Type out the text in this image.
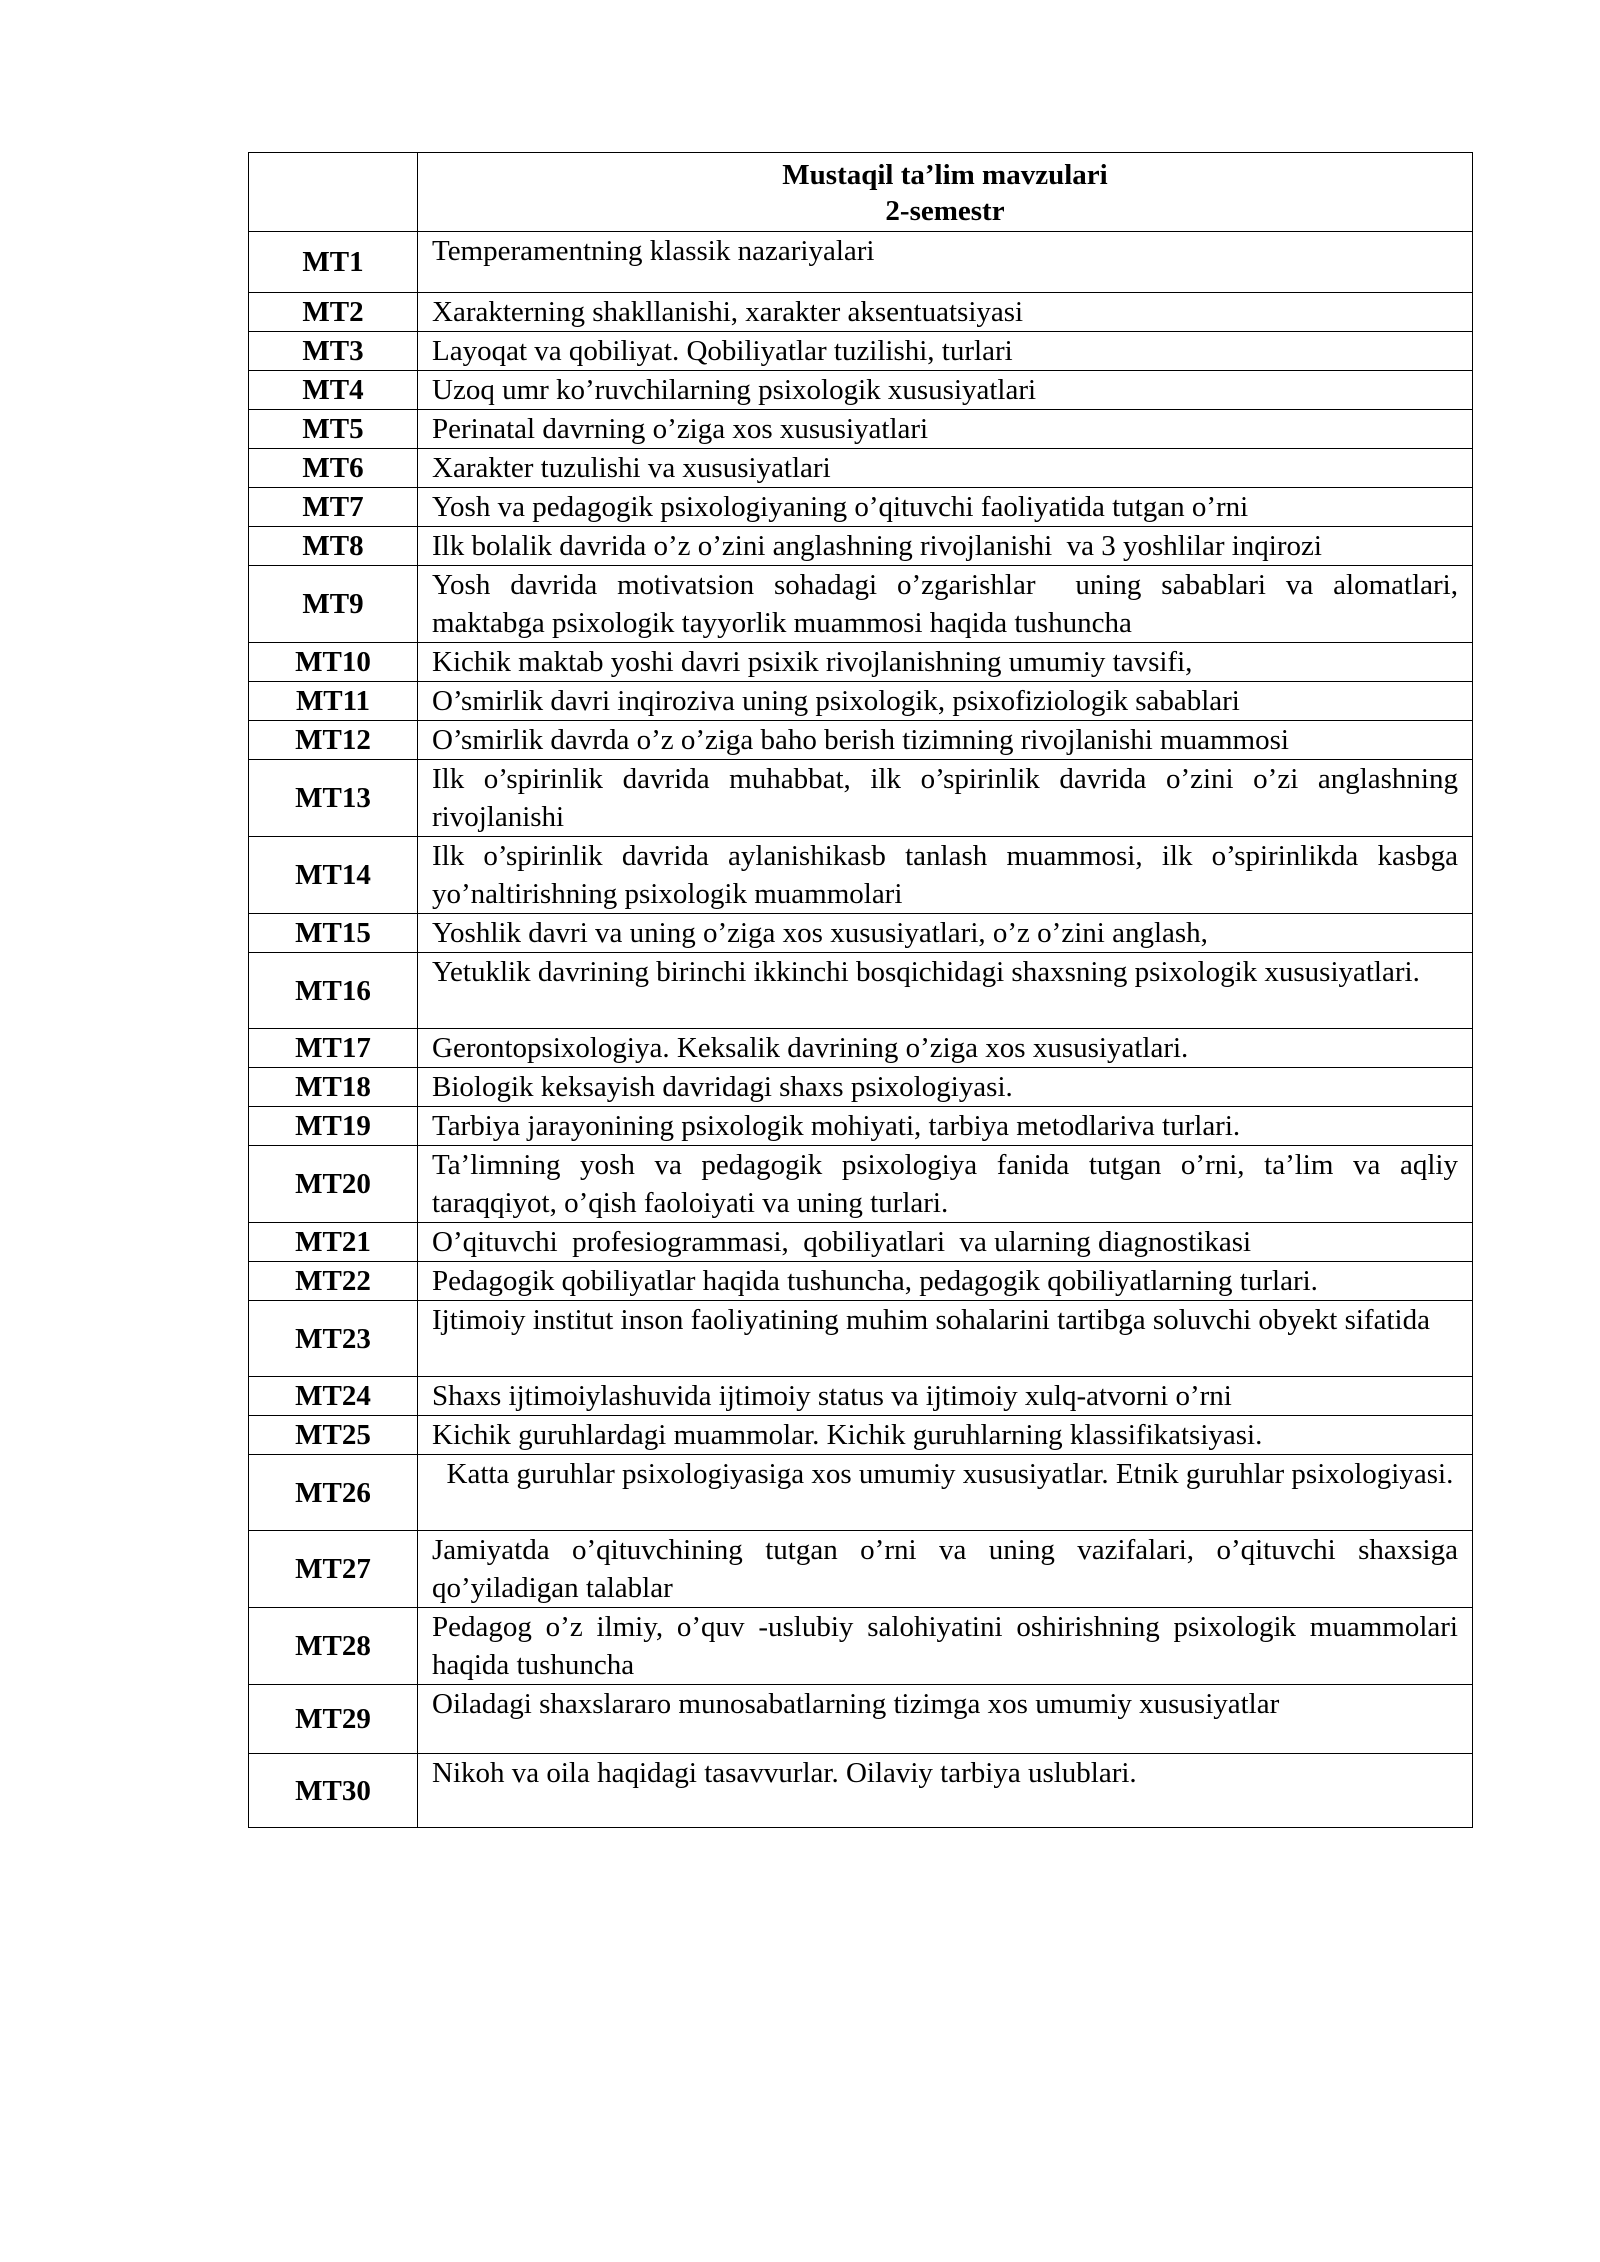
	Mustaqil ta’lim mavzulari
2-semestr

MT1	Temperamentning klassik nazariyalari
MT2	Xarakterning shakllanishi, xarakter aksentuatsiyasi
MT3	Layoqat va qobiliyat. Qobiliyatlar tuzilishi, turlari
MT4	Uzoq umr ko’ruvchilarning psixologik xususiyatlari
MT5	Perinatal davrning o’ziga xos xususiyatlari
MT6	Xarakter tuzulishi va xususiyatlari
MT7	Yosh va pedagogik psixologiyaning o’qituvchi faoliyatida tutgan o’rni
MT8	Ilk bolalik davrida o’z o’zini anglashning rivojlanishi  va 3 yoshlilar inqirozi
MT9	Yosh davrida motivatsion sohadagi o’zgarishlar  uning sabablari va alomatlari, maktabga psixologik tayyorlik muammosi haqida tushuncha
MT10	Kichik maktab yoshi davri psixik rivojlanishning umumiy tavsifi,
MT11	O’smirlik davri inqiroziva uning psixologik, psixofiziologik sabablari
MT12	O’smirlik davrda o’z o’ziga baho berish tizimning rivojlanishi muammosi
MT13	Ilk o’spirinlik davrida muhabbat, ilk o’spirinlik davrida o’zini o’zi anglashning rivojlanishi
MT14	Ilk o’spirinlik davrida aylanishikasb tanlash muammosi, ilk o’spirinlikda kasbga yo’naltirishning psixologik muammolari
MT15	Yoshlik davri va uning o’ziga xos xususiyatlari, o’z o’zini anglash,
MT16	Yetuklik davrining birinchi ikkinchi bosqichidagi shaxsning psixologik xususiyatlari.
MT17	Gerontopsixologiya. Keksalik davrining o’ziga xos xususiyatlari.
MT18	Biologik keksayish davridagi shaxs psixologiyasi.
MT19	Tarbiya jarayonining psixologik mohiyati, tarbiya metodlariva turlari.
MT20	Ta’limning yosh va pedagogik psixologiya fanida tutgan o’rni, ta’lim va aqliy taraqqiyot, o’qish faoloiyati va uning turlari.
MT21	O’qituvchi  profesiogrammasi,  qobiliyatlari  va ularning diagnostikasi
MT22	Pedagogik qobiliyatlar haqida tushuncha, pedagogik qobiliyatlarning turlari.
MT23	Ijtimoiy institut inson faoliyatining muhim sohalarini tartibga soluvchi obyekt sifatida
MT24	Shaxs ijtimoiylashuvida ijtimoiy status va ijtimoiy xulq-atvorni o’rni
MT25	Kichik guruhlardagi muammolar. Kichik guruhlarning klassifikatsiyasi.
MT26	Katta guruhlar psixologiyasiga xos umumiy xususiyatlar. Etnik guruhlar psixologiyasi.
MT27	Jamiyatda o’qituvchining tutgan o’rni va uning vazifalari, o’qituvchi shaxsiga qo’yiladigan talablar
MT28	Pedagog o’z ilmiy, o’quv -uslubiy salohiyatini oshirishning psixologik muammolari haqida tushuncha
MT29	Oiladagi shaxslararo munosabatlarning tizimga xos umumiy xususiyatlar
MT30	Nikoh va oila haqidagi tasavvurlar. Oilaviy tarbiya uslublari.
